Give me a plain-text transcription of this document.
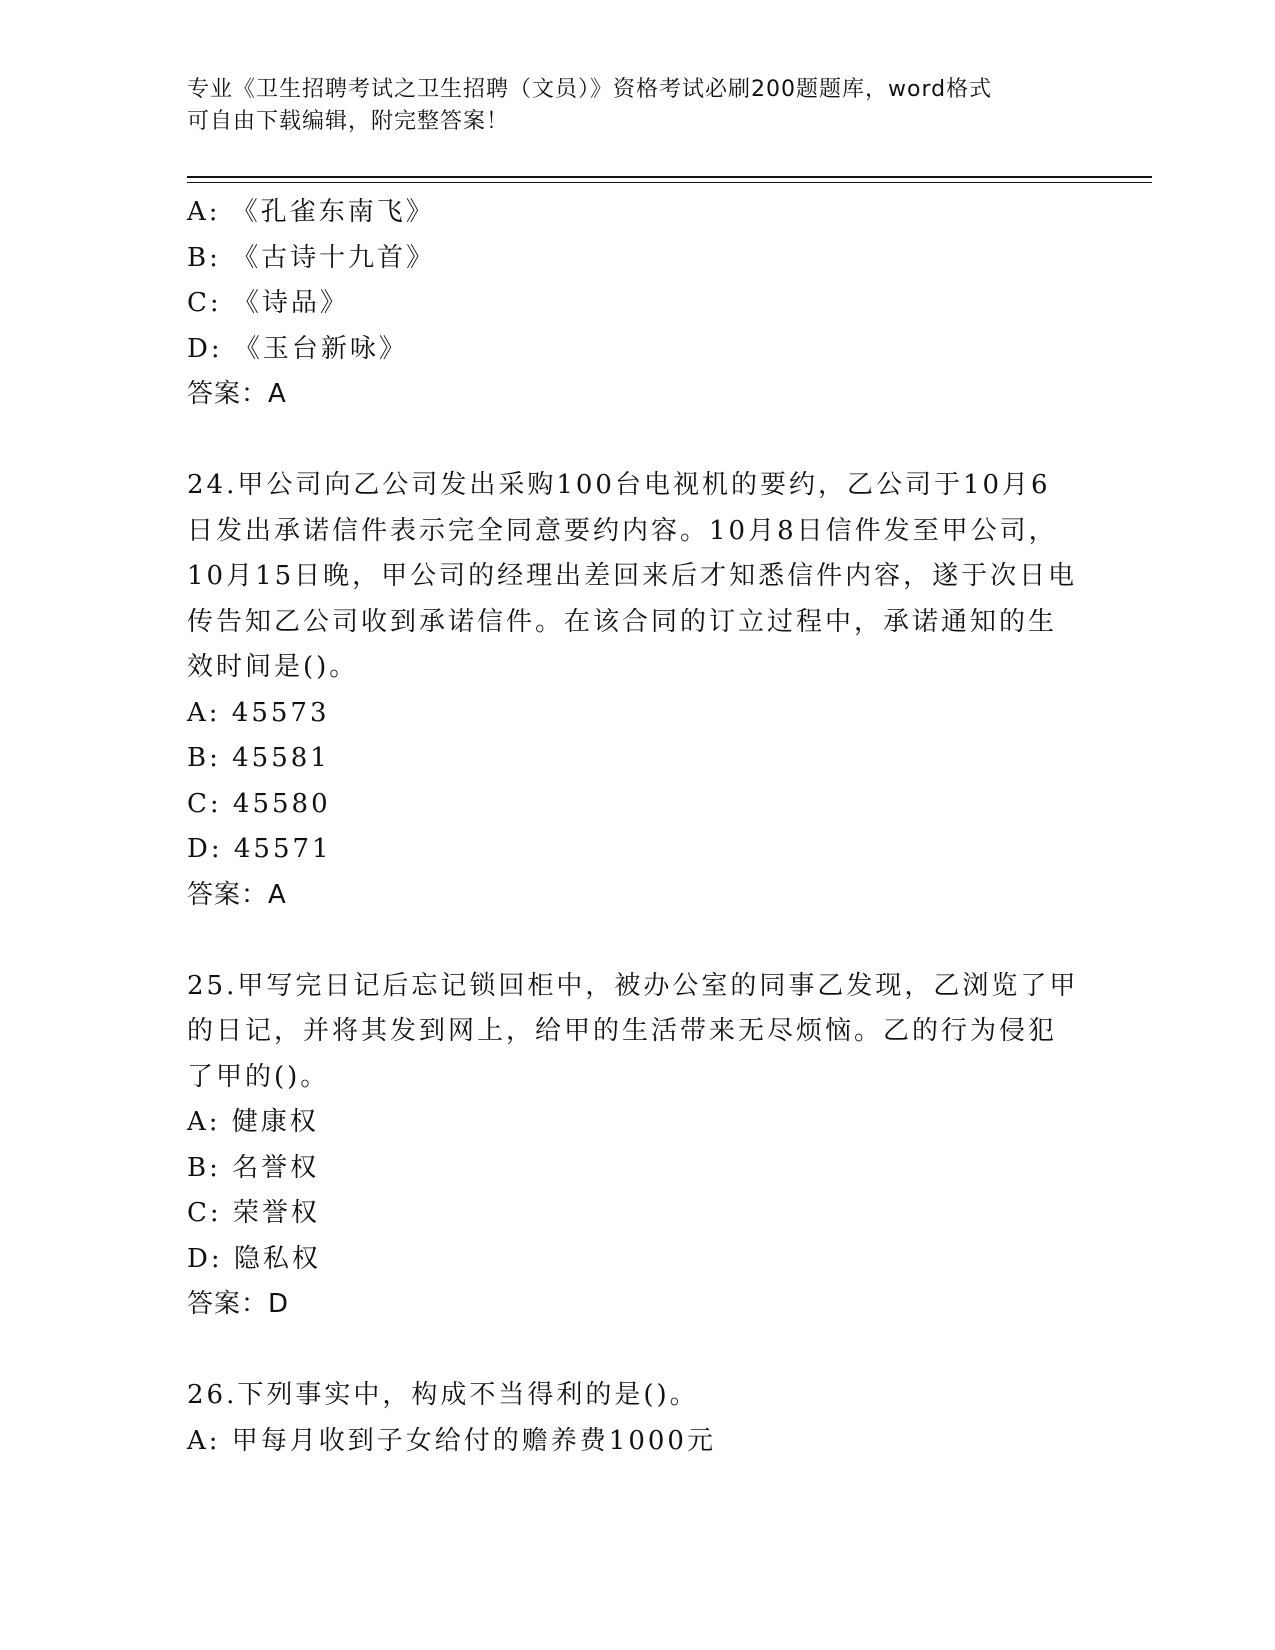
专业《卫生招聘考试之卫生招聘（文员）》资格考试必刷200题题库，word格式
可自由下载编辑，附完整答案！
A: 《孔雀东南飞》
B: 《古诗十九首》
C: 《诗品》
D: 《玉台新咏》
答案：A
24.甲公司向乙公司发出采购100台电视机的要约，乙公司于10月6
日发出承诺信件表示完全同意要约内容。10月8日信件发至甲公司，
10月15日晚，甲公司的经理出差回来后才知悉信件内容，遂于次日电
传告知乙公司收到承诺信件。在该合同的订立过程中，承诺通知的生
效时间是()。
A: 45573
B: 45581
C: 45580
D: 45571
答案：A
25.甲写完日记后忘记锁回柜中，被办公室的同事乙发现，乙浏览了甲
的日记，并将其发到网上，给甲的生活带来无尽烦恼。乙的行为侵犯
了甲的()。
A: 健康权
B: 名誉权
C: 荣誉权
D: 隐私权
答案：D
26.下列事实中，构成不当得利的是()。
A: 甲每月收到子女给付的赡养费1000元
